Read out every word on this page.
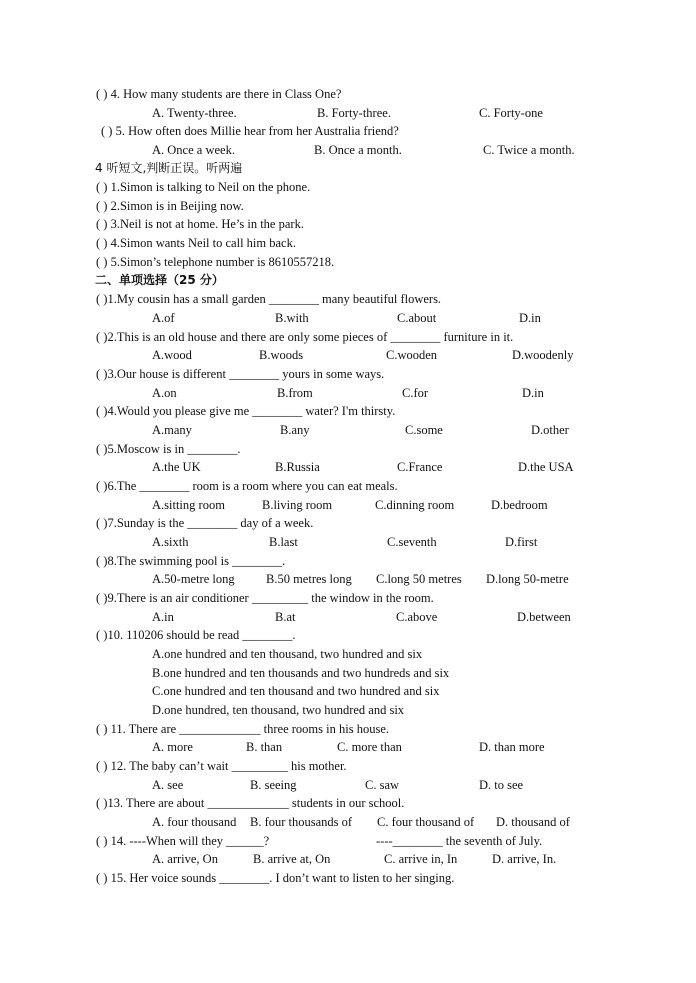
( ) 4. How many students are there in Class One?
A. Twenty-three.	B. Forty-three.	C. Forty-one
( ) 5. How often does Millie hear from her Australia friend?
A. Once a week.	B. Once a month.	C. Twice a month.
4 听短文,判断正误。听两遍
( ) 1.Simon is talking to Neil on the phone.
( ) 2.Simon is in Beijing now.
( ) 3.Neil is not at home. He’s in the park.
( ) 4.Simon wants Neil to call him back.
( ) 5.Simon’s telephone number is 8610557218.
二、单项选择（25 分）
( )1.My cousin has a small garden ________ many beautiful flowers.
A.of	B.with	C.about	D.in
( )2.This is an old house and there are only some pieces of ________ furniture in it.
A.wood	B.woods	C.wooden	D.woodenly
( )3.Our house is different ________ yours in some ways.
A.on	B.from	C.for	D.in
( )4.Would you please give me ________ water? I'm thirsty.
A.many	B.any	C.some	D.other
( )5.Moscow is in ________.
A.the UK	B.Russia	C.France	D.the USA
( )6.The ________ room is a room where you can eat meals.
A.sitting room	B.living room	C.dinning room	D.bedroom
( )7.Sunday is the ________ day of a week.
A.sixth	B.last	C.seventh	D.first
( )8.The swimming pool is ________.
A.50-metre long	B.50 metres long C.long 50 metres D.long 50-metre
( )9.There is an air conditioner _________ the window in the room.
A.in	B.at	C.above	D.between
( )10. 110206 should be read ________.
A.one hundred and ten thousand, two hundred and six
B.one hundred and ten thousands and two hundreds and six
C.one hundred and ten thousand and two hundred and six
D.one hundred, ten thousand, two hundred and six
( ) 11. There are _____________ three rooms in his house.
A. more	B. than	C. more than	D. than more
( ) 12. The baby can’t wait _________ his mother.
A. see	B. seeing	C. saw	D. to see
( )13. There are about _____________ students in our school.
A. four thousand B. four thousands of C. four thousand of D. thousand of
( ) 14. ----When will they ______?	----________ the seventh of July.
A. arrive, On	B. arrive at, On	C. arrive in, In	D. arrive, In.
( ) 15. Her voice sounds ________. I don’t want to listen to her singing.
